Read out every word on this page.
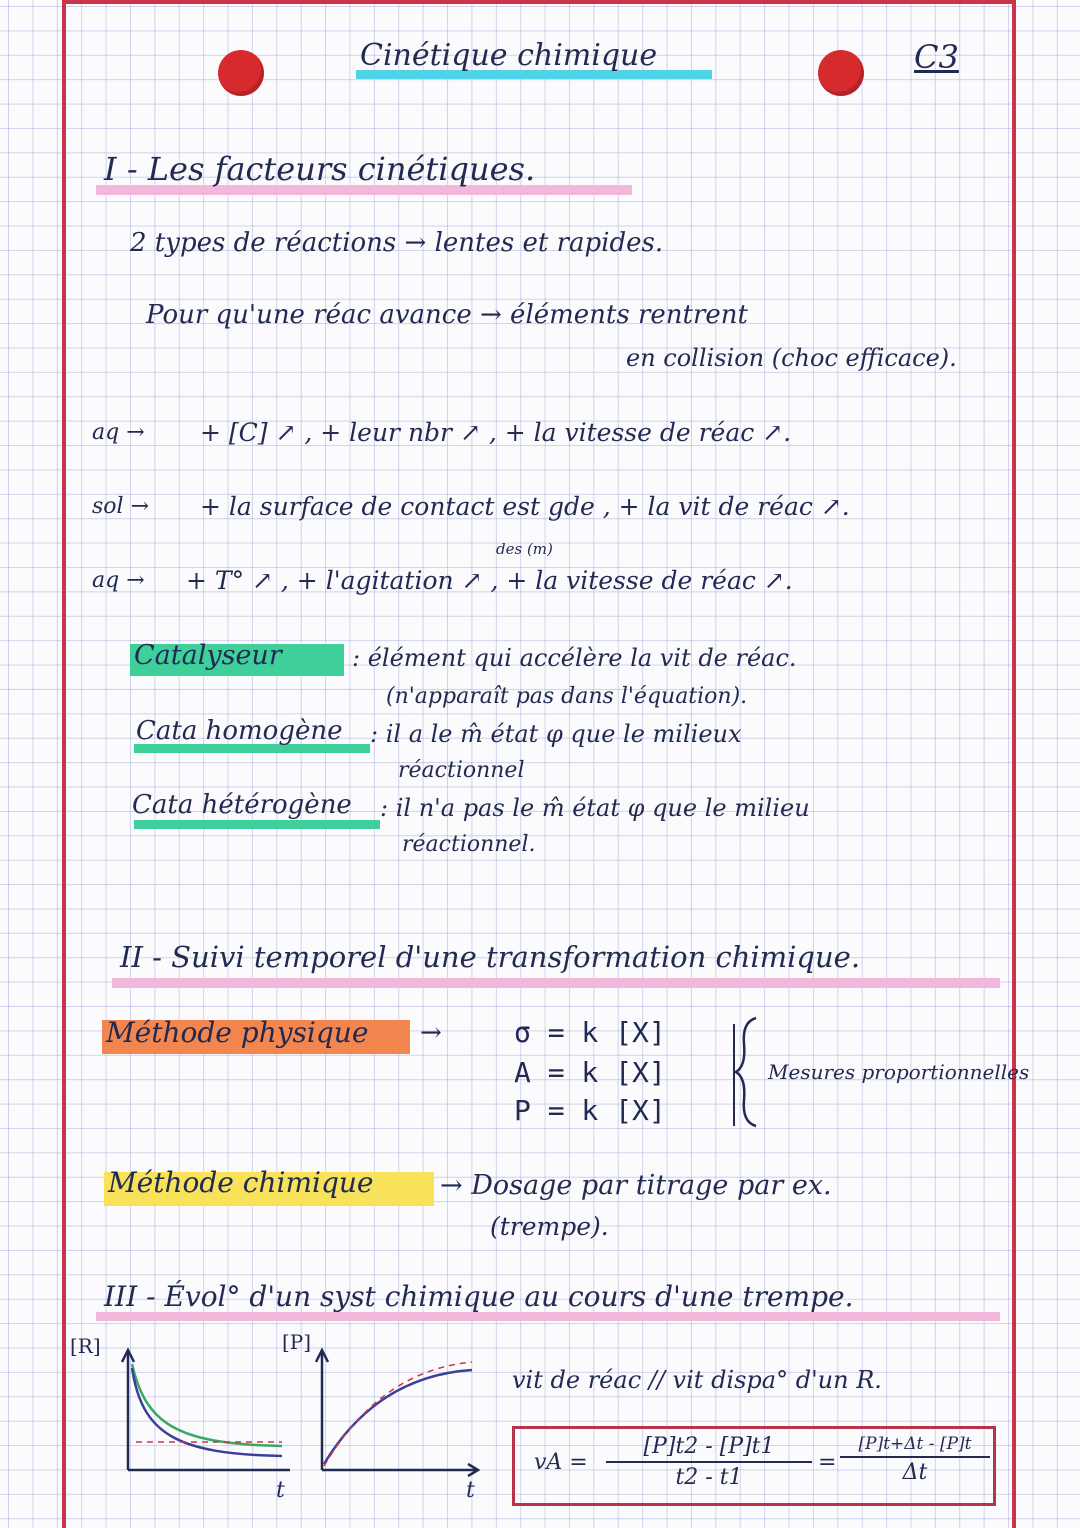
Cinétique chimique	C3
I - Les facteurs cinétiques.
2 types de réactions → lentes et rapides.
Pour qu'une réac avance → éléments rentrent
en collision (choc efficace).
aq → + [C] ↗ , + leur nbr ↗ , + la vitesse de réac ↗.
sol → + la surface de contact est gde , + la vit de réac ↗.
des (m)
aq → + T° ↗ , + l'agitation ↗ , + la vitesse de réac ↗.
Catalyseur	: élément qui accélère la vit de réac.
(n'apparaît pas dans l'équation).
Cata homogène : il a le m̂ état φ que le milieux
réactionnel
Cata hétérogène : il n'a pas le m̂ état φ que le milieu
réactionnel.
II - Suivi temporel d'une transformation chimique.
Méthode physique →	σ = k [X]
A = k [X]
P = k [X]
Mesures proportionnelles
Méthode chimique → Dosage par titrage par ex.
(trempe).
III - Évol° d'un syst chimique au cours d'une trempe.
[R]
t
[P]
t
vit de réac // vit dispa° d'un R.
vA =
[P]t2 - [P]t1
t2 - t1
=
[P]t+Δt - [P]t
Δt
